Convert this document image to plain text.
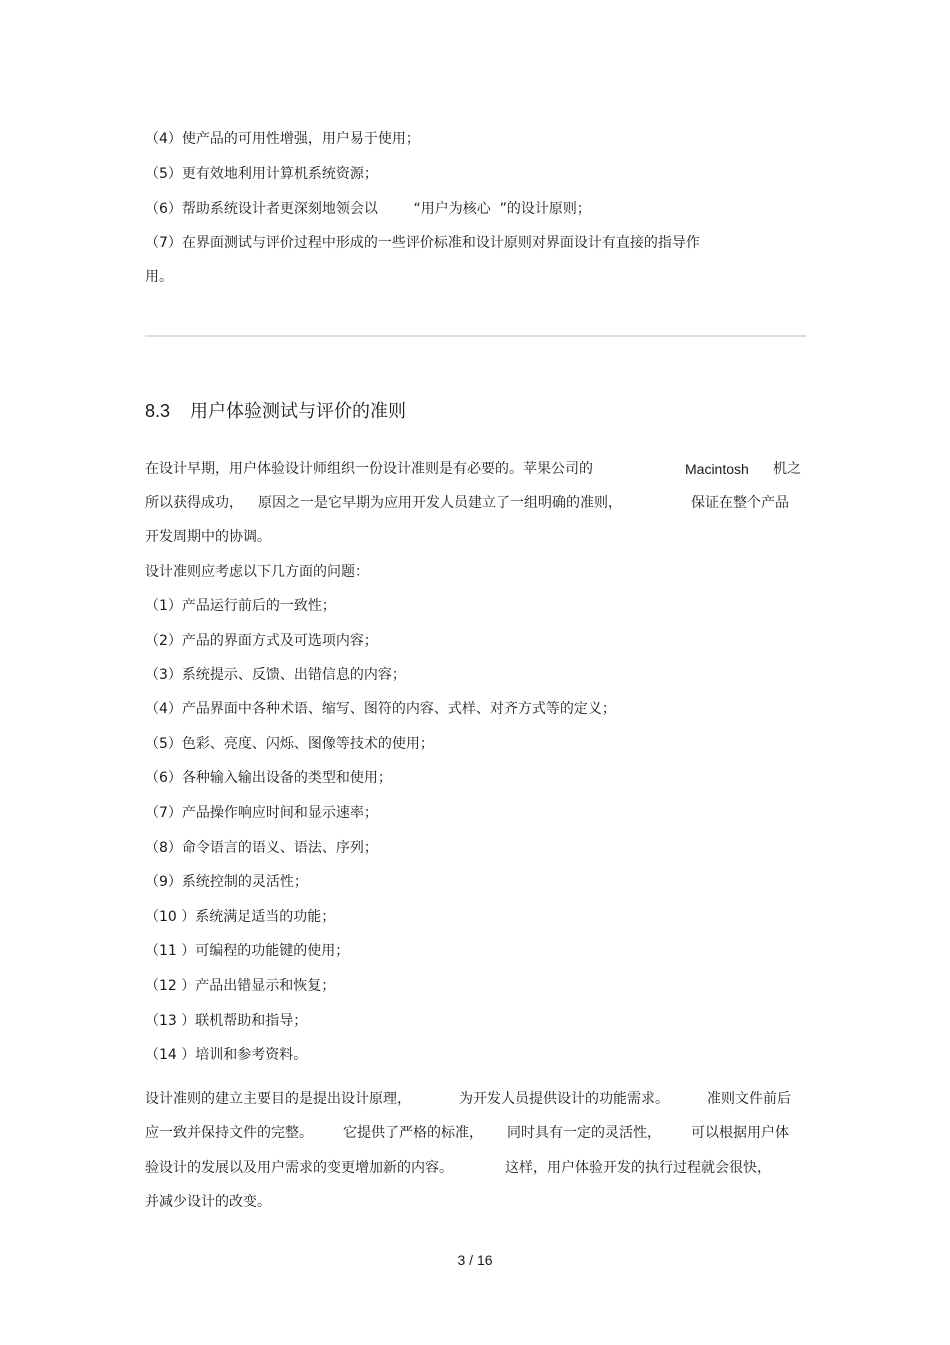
（4）使产品的可用性增强，用户易于使用；
（5）更有效地利用计算机系统资源；
（6）帮助系统设计者更深刻地领会以        “用户为核心  ”的设计原则；
（7）在界面测试与评价过程中形成的一些评价标准和设计原则对界面设计有直接的指导作
用。
8.3 用户体验测试与评价的准则
在设计早期，用户体验设计师组织一份设计准则是有必要的。苹果公司的	Macintosh 机之
所以获得成功， 原因之一是它早期为应用开发人员建立了一组明确的准则，	保证在整个产品
开发周期中的协调。
设计准则应考虑以下几方面的问题：
（1）产品运行前后的一致性；
（2）产品的界面方式及可选项内容；
（3）系统提示、反馈、出错信息的内容；
（4）产品界面中各种术语、缩写、图符的内容、式样、对齐方式等的定义；
（5）色彩、亮度、闪烁、图像等技术的使用；
（6）各种输入输出设备的类型和使用；
（7）产品操作响应时间和显示速率；
（8）命令语言的语义、语法、序列；
（9）系统控制的灵活性；
（10 ）系统满足适当的功能；
（11 ）可编程的功能键的使用；
（12 ）产品出错显示和恢复；
（13 ）联机帮助和指导；
（14 ）培训和参考资料。
设计准则的建立主要目的是提出设计原理，	为开发人员提供设计的功能需求。	准则文件前后
应一致并保持文件的完整。 它提供了严格的标准， 同时具有一定的灵活性， 可以根据用户体
验设计的发展以及用户需求的变更增加新的内容。	这样，用户体验开发的执行过程就会很快，
并减少设计的改变。
3 / 16
